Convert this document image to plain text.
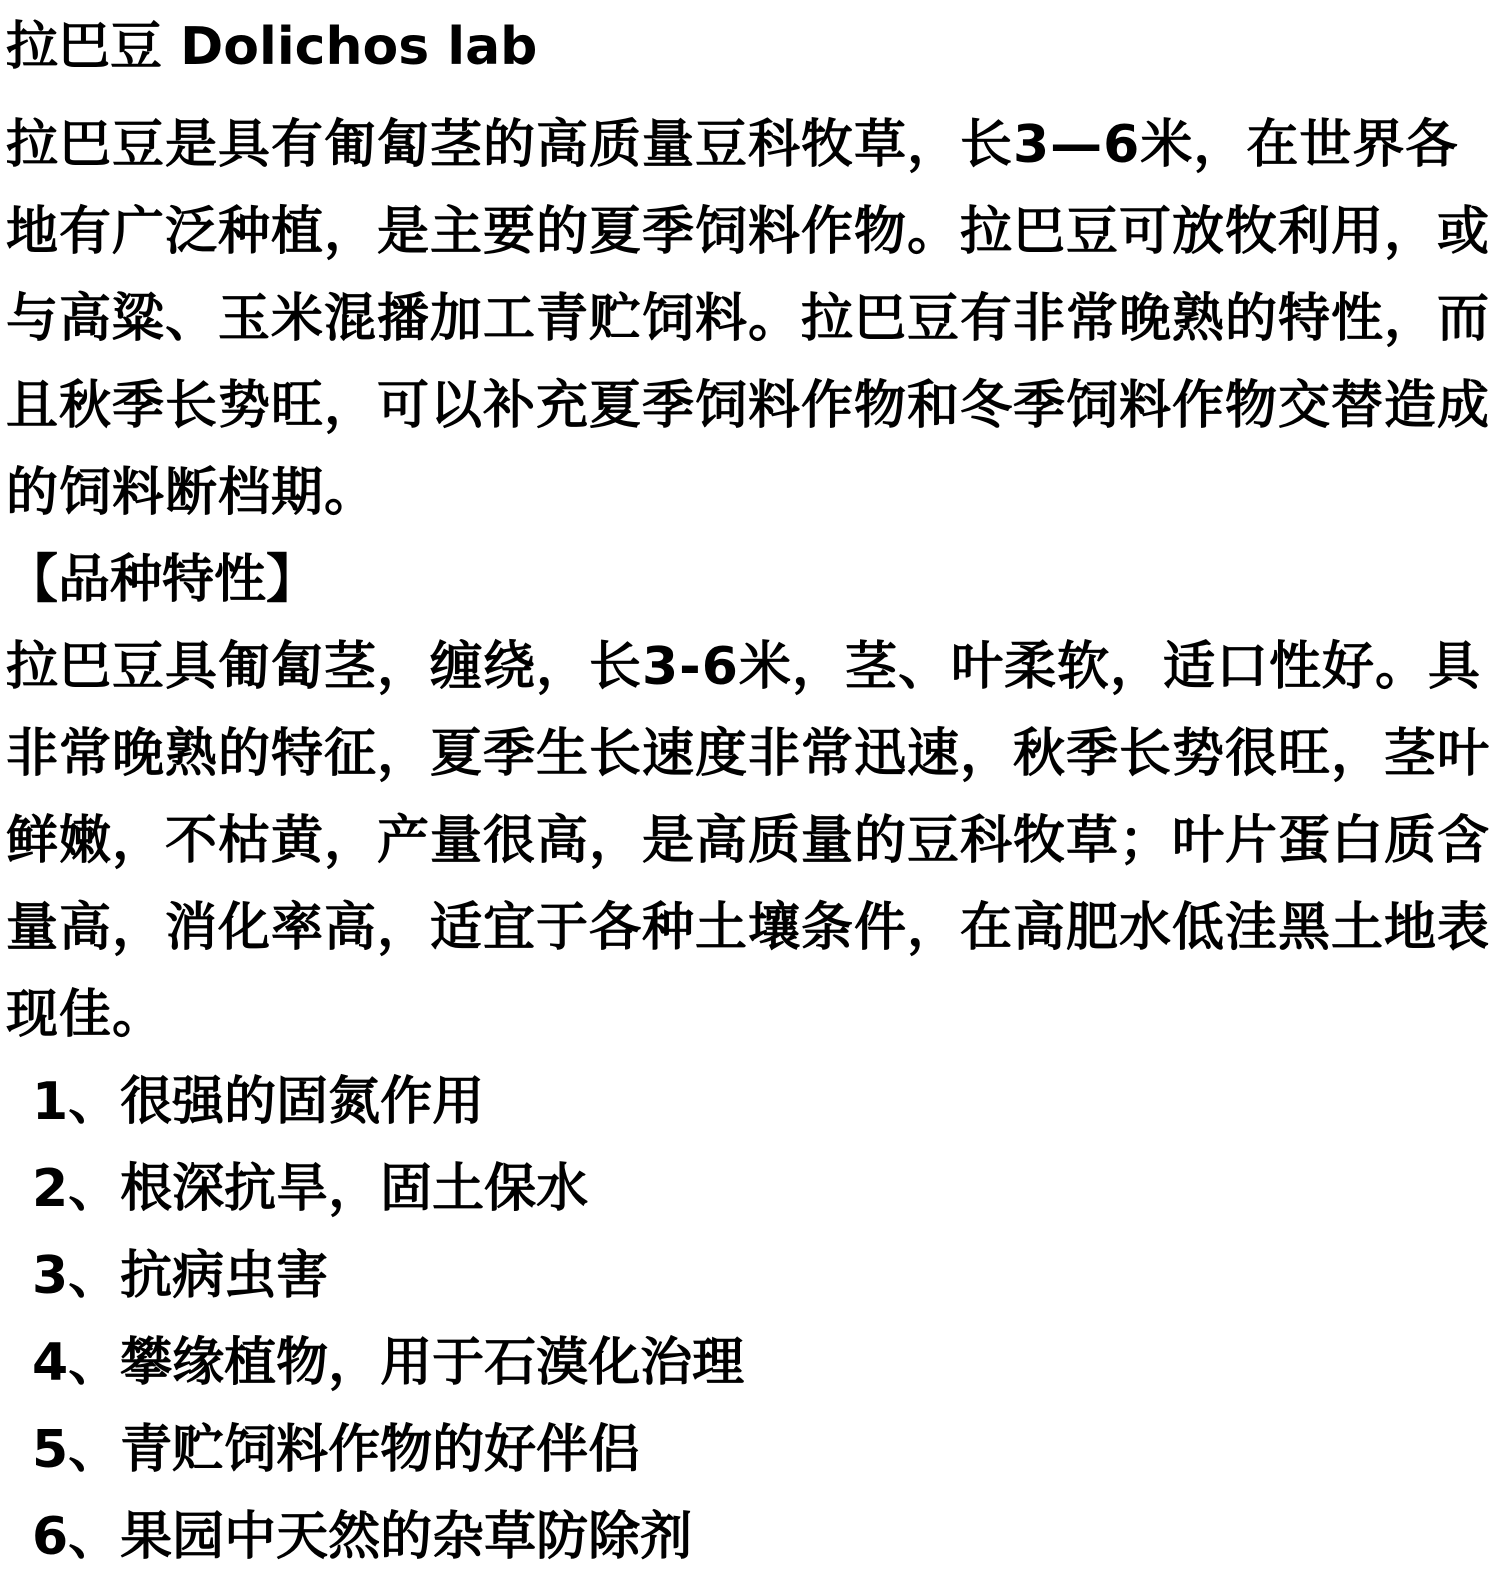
拉巴豆 Dolichos lab

拉巴豆是具有匍匐茎的高质量豆科牧草，长3—6米，在世界各地有广泛种植，是主要的夏季饲料作物。拉巴豆可放牧利用，或与高粱、玉米混播加工青贮饲料。拉巴豆有非常晚熟的特性，而且秋季长势旺，可以补充夏季饲料作物和冬季饲料作物交替造成的饲料断档期。

【品种特性】

拉巴豆具匍匐茎，缠绕，长3-6米，茎、叶柔软，适口性好。具非常晚熟的特征，夏季生长速度非常迅速，秋季长势很旺，茎叶鲜嫩，不枯黄，产量很高，是高质量的豆科牧草；叶片蛋白质含量高，消化率高，适宜于各种土壤条件，在高肥水低洼黑土地表现佳。

1、很强的固氮作用
2、根深抗旱，固土保水
3、抗病虫害
4、攀缘植物，用于石漠化治理
5、青贮饲料作物的好伴侣
6、果园中天然的杂草防除剂
